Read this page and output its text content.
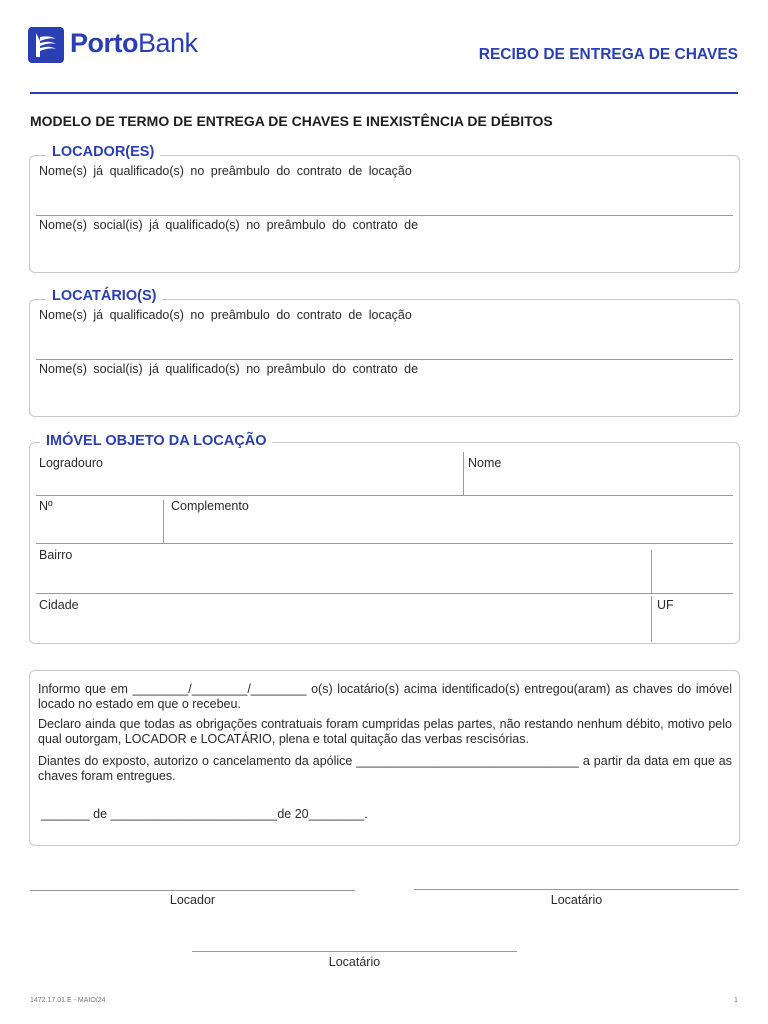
PortoBank	RECIBO DE ENTREGA DE CHAVES
MODELO DE TERMO DE ENTREGA DE CHAVES E INEXISTÊNCIA DE DÉBITOS
LOCADOR(ES)
Nome(s) já qualificado(s) no preâmbulo do contrato de locação
Nome(s) social(is) já qualificado(s) no preâmbulo do contrato de
LOCATÁRIO(S)
Nome(s) já qualificado(s) no preâmbulo do contrato de locação
Nome(s) social(is) já qualificado(s) no preâmbulo do contrato de
IMÓVEL OBJETO DA LOCAÇÃO
Logradouro	Nome
Nº	Complemento
Bairro
Cidade	UF
Informo que em ________/________/________ o(s) locatário(s) acima identificado(s) entregou(aram) as chaves do imóvel locado no estado em que o recebeu.
Declaro ainda que todas as obrigações contratuais foram cumpridas pelas partes, não restando nenhum débito, motivo pelo qual outorgam, LOCADOR e LOCATÁRIO, plena e total quitação das verbas rescisórias.
Diantes do exposto, autorizo o cancelamento da apólice ________________________________ a partir da data em que as chaves foram entregues.
_______ de ________________________de 20________.
Locador	Locatário
Locatário
1472.17.01.E - MAIO/24	1
